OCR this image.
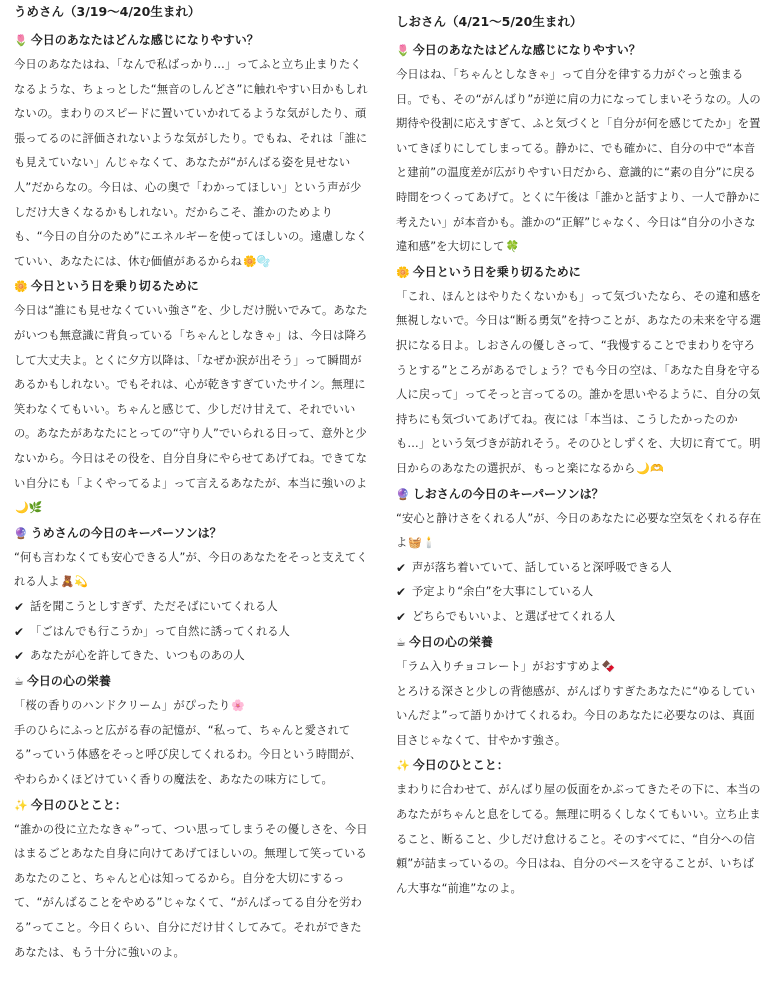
うめさん（3/19〜4/20生まれ）

🌷 今日のあなたはどんな感じになりやすい？

今日のあなたはね、「なんで私ばっかり…」ってふと立ち止まりたくなるような、ちょっとした“無音のしんどさ”に触れやすい日かもしれないの。まわりのスピードに置いていかれてるような気がしたり、頑張ってるのに評価されないような気がしたり。でもね、それは「誰にも見えていない」んじゃなくて、あなたが“がんばる姿を見せない人”だからなの。今日は、心の奥で「わかってほしい」という声が少しだけ大きくなるかもしれない。だからこそ、誰かのためよりも、“今日の自分のため”にエネルギーを使ってほしいの。遠慮しなくていい、あなたには、休む価値があるからね🌼🫧

🌼 今日という日を乗り切るために

今日は“誰にも見せなくていい強さ”を、少しだけ脱いでみて。あなたがいつも無意識に背負っている「ちゃんとしなきゃ」は、今日は降ろして大丈夫よ。とくに夕方以降は、「なぜか涙が出そう」って瞬間があるかもしれない。でもそれは、心が乾きすぎていたサイン。無理に笑わなくてもいい。ちゃんと感じて、少しだけ甘えて、それでいいの。あなたがあなたにとっての“守り人”でいられる日って、意外と少ないから。今日はその役を、自分自身にやらせてあげてね。できてない自分にも「よくやってるよ」って言えるあなたが、本当に強いのよ🌙🌿

🔮 うめさんの今日のキーパーソンは？

“何も言わなくても安心できる人”が、今日のあなたをそっと支えてくれる人よ🧸💫

✔ 話を聞こうとしすぎず、ただそばにいてくれる人

✔ 「ごはんでも行こうか」って自然に誘ってくれる人

✔ あなたが心を許してきた、いつものあの人

☕ 今日の心の栄養

「桜の香りのハンドクリーム」がぴったり🌸

手のひらにふっと広がる春の記憶が、“私って、ちゃんと愛されてる”っていう体感をそっと呼び戻してくれるわ。今日という時間が、やわらかくほどけていく香りの魔法を、あなたの味方にして。

✨ 今日のひとこと：

“誰かの役に立たなきゃ”って、つい思ってしまうその優しさを、今日はまるごとあなた自身に向けてあげてほしいの。無理して笑っているあなたのこと、ちゃんと心は知ってるから。自分を大切にするって、“がんばることをやめる”じゃなくて、“がんばってる自分を労わる”ってこと。今日くらい、自分にだけ甘くしてみて。それができたあなたは、もう十分に強いのよ。

しおさん（4/21〜5/20生まれ）

🌷 今日のあなたはどんな感じになりやすい？

今日はね、「ちゃんとしなきゃ」って自分を律する力がぐっと強まる日。でも、その“がんばり”が逆に肩の力になってしまいそうなの。人の期待や役割に応えすぎて、ふと気づくと「自分が何を感じてたか」を置いてきぼりにしてしまってる。静かに、でも確かに、自分の中で“本音と建前”の温度差が広がりやすい日だから、意識的に“素の自分”に戻る時間をつくってあげて。とくに午後は「誰かと話すより、一人で静かに考えたい」が本音かも。誰かの“正解”じゃなく、今日は“自分の小さな違和感”を大切にして🍀

🌼 今日という日を乗り切るために

「これ、ほんとはやりたくないかも」って気づいたなら、その違和感を無視しないで。今日は“断る勇気”を持つことが、あなたの未来を守る選択になる日よ。しおさんの優しさって、“我慢することでまわりを守ろうとする”ところがあるでしょう？でも今日の空は、「あなた自身を守る人に戻って」ってそっと言ってるの。誰かを思いやるように、自分の気持ちにも気づいてあげてね。夜には「本当は、こうしたかったのかも…」という気づきが訪れそう。そのひとしずくを、大切に育てて。明日からのあなたの選択が、もっと楽になるから🌙🫶

🔮 しおさんの今日のキーパーソンは？

“安心と静けさをくれる人”が、今日のあなたに必要な空気をくれる存在よ🧺🕯️

✔ 声が落ち着いていて、話していると深呼吸できる人

✔ 予定より“余白”を大事にしている人

✔ どちらでもいいよ、と選ばせてくれる人

☕ 今日の心の栄養

「ラム入りチョコレート」がおすすめよ🍫

とろける深さと少しの背徳感が、がんばりすぎたあなたに“ゆるしていいんだよ”って語りかけてくれるわ。今日のあなたに必要なのは、真面目さじゃなくて、甘やかす強さ。

✨ 今日のひとこと：

まわりに合わせて、がんばり屋の仮面をかぶってきたその下に、本当のあなたがちゃんと息をしてる。無理に明るくしなくてもいい。立ち止まること、断ること、少しだけ怠けること。そのすべてに、“自分への信頼”が詰まっているの。今日はね、自分のペースを守ることが、いちばん大事な“前進”なのよ。
